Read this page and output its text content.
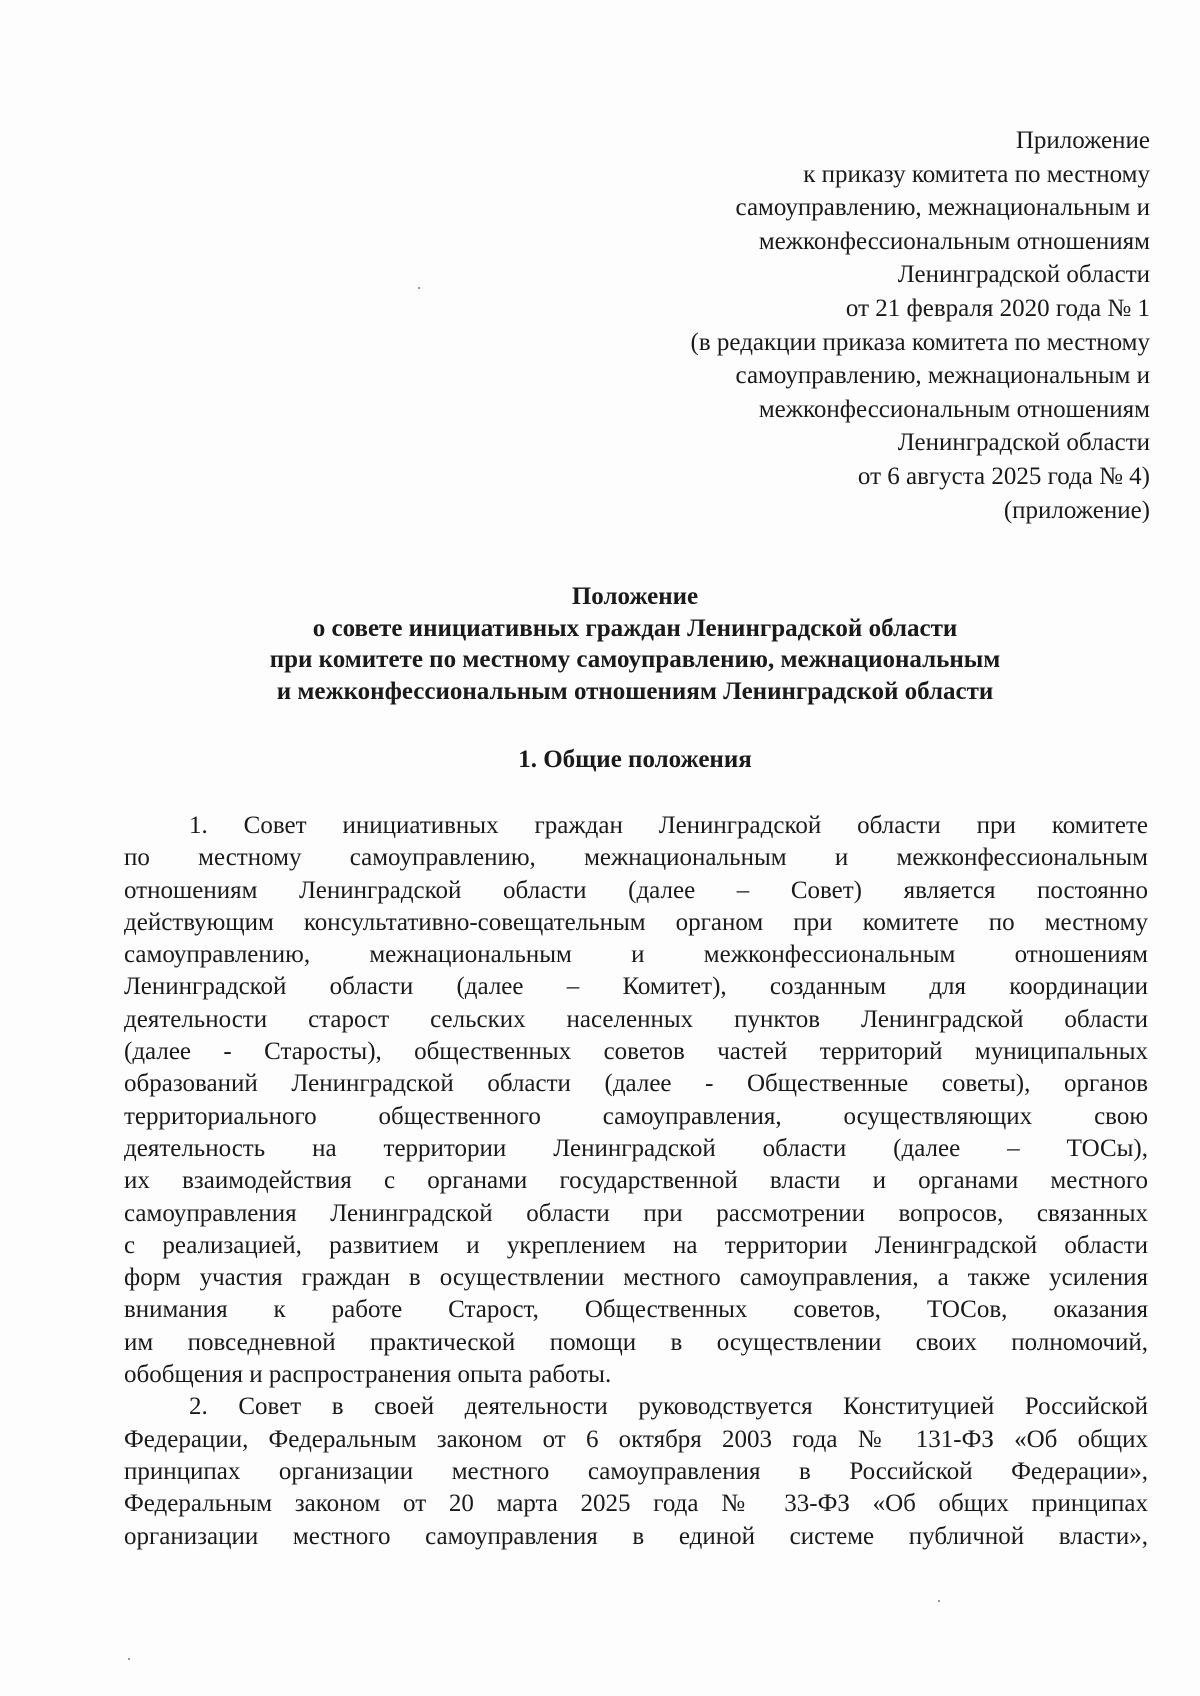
Приложение
к приказу комитета по местному
самоуправлению, межнациональным и
межконфессиональным отношениям
Ленинградской области
от 21 февраля 2020 года № 1
(в редакции приказа комитета по местному
самоуправлению, межнациональным и
межконфессиональным отношениям
Ленинградской области
от 6 августа 2025 года № 4)
(приложение)
Положение
о совете инициативных граждан Ленинградской области
при комитете по местному самоуправлению, межнациональным
и межконфессиональным отношениям Ленинградской области
1. Общие положения
1. Совет инициативных граждан Ленинградской области при комитете
по местному самоуправлению, межнациональным и межконфессиональным
отношениям Ленинградской области (далее – Совет) является постоянно
действующим консультативно-совещательным органом при комитете по местному
самоуправлению, межнациональным и межконфессиональным отношениям
Ленинградской области (далее – Комитет), созданным для координации
деятельности старост сельских населенных пунктов Ленинградской области
(далее - Старосты), общественных советов частей территорий муниципальных
образований Ленинградской области (далее - Общественные советы), органов
территориального общественного самоуправления, осуществляющих свою
деятельность на территории Ленинградской области (далее – ТОСы),
их взаимодействия с органами государственной власти и органами местного
самоуправления Ленинградской области при рассмотрении вопросов, связанных
с реализацией, развитием и укреплением на территории Ленинградской области
форм участия граждан в осуществлении местного самоуправления, а также усиления
внимания к работе Старост, Общественных советов, ТОСов, оказания
им повседневной практической помощи в осуществлении своих полномочий,
обобщения и распространения опыта работы.
2. Совет в своей деятельности руководствуется Конституцией Российской
Федерации, Федеральным законом от 6 октября 2003 года № 131-ФЗ «Об общих
принципах организации местного самоуправления в Российской Федерации»,
Федеральным законом от 20 марта 2025 года № 33-ФЗ «Об общих принципах
организации местного самоуправления в единой системе публичной власти»,
